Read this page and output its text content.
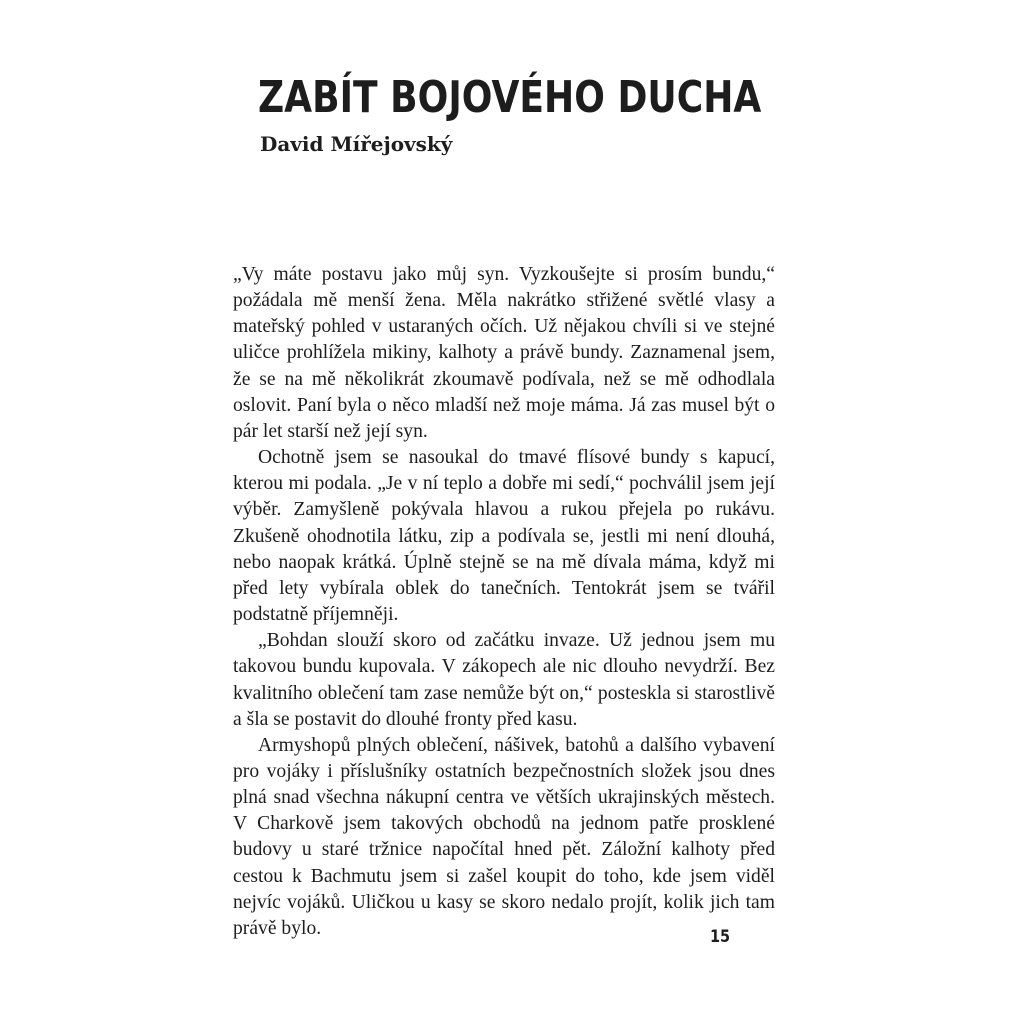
ZABÍT BOJOVÉHO DUCHA
David Mířejovský

„Vy máte postavu jako můj syn. Vyzkoušejte si prosím bundu,“ požádala mě menší žena. Měla nakrátko střižené světlé vlasy a mateřský pohled v ustaraných očích. Už nějakou chvíli si ve stejné uličce prohlížela mikiny, kalhoty a právě bundy. Zaznamenal jsem, že se na mě několikrát zkoumavě podívala, než se mě odhodlala oslovit. Paní byla o něco mladší než moje máma. Já zas musel být o pár let starší než její syn.

Ochotně jsem se nasoukal do tmavé flísové bundy s kapucí, kterou mi podala. „Je v ní teplo a dobře mi sedí,“ pochválil jsem její výběr. Zamyšleně pokývala hlavou a rukou přejela po rukávu. Zkušeně ohodnotila látku, zip a podívala se, jestli mi není dlouhá, nebo naopak krátká. Úplně stejně se na mě dívala máma, když mi před lety vybírala oblek do tanečních. Tentokrát jsem se tvářil podstatně příjemněji.

„Bohdan slouží skoro od začátku invaze. Už jednou jsem mu takovou bundu kupovala. V zákopech ale nic dlouho nevydrží. Bez kvalitního oblečení tam zase nemůže být on,“ posteskla si starostlivě a šla se postavit do dlouhé fronty před kasu.

Armyshopů plných oblečení, nášivek, batohů a dalšího vybavení pro vojáky i příslušníky ostatních bezpečnostních složek jsou dnes plná snad všechna nákupní centra ve větších ukrajinských městech. V Charkově jsem takových obchodů na jednom patře prosklené budovy u staré tržnice napočítal hned pět. Záložní kalhoty před cestou k Bachmutu jsem si zašel koupit do toho, kde jsem viděl nejvíc vojáků. Uličkou u kasy se skoro nedalo projít, kolik jich tam právě bylo.	15
